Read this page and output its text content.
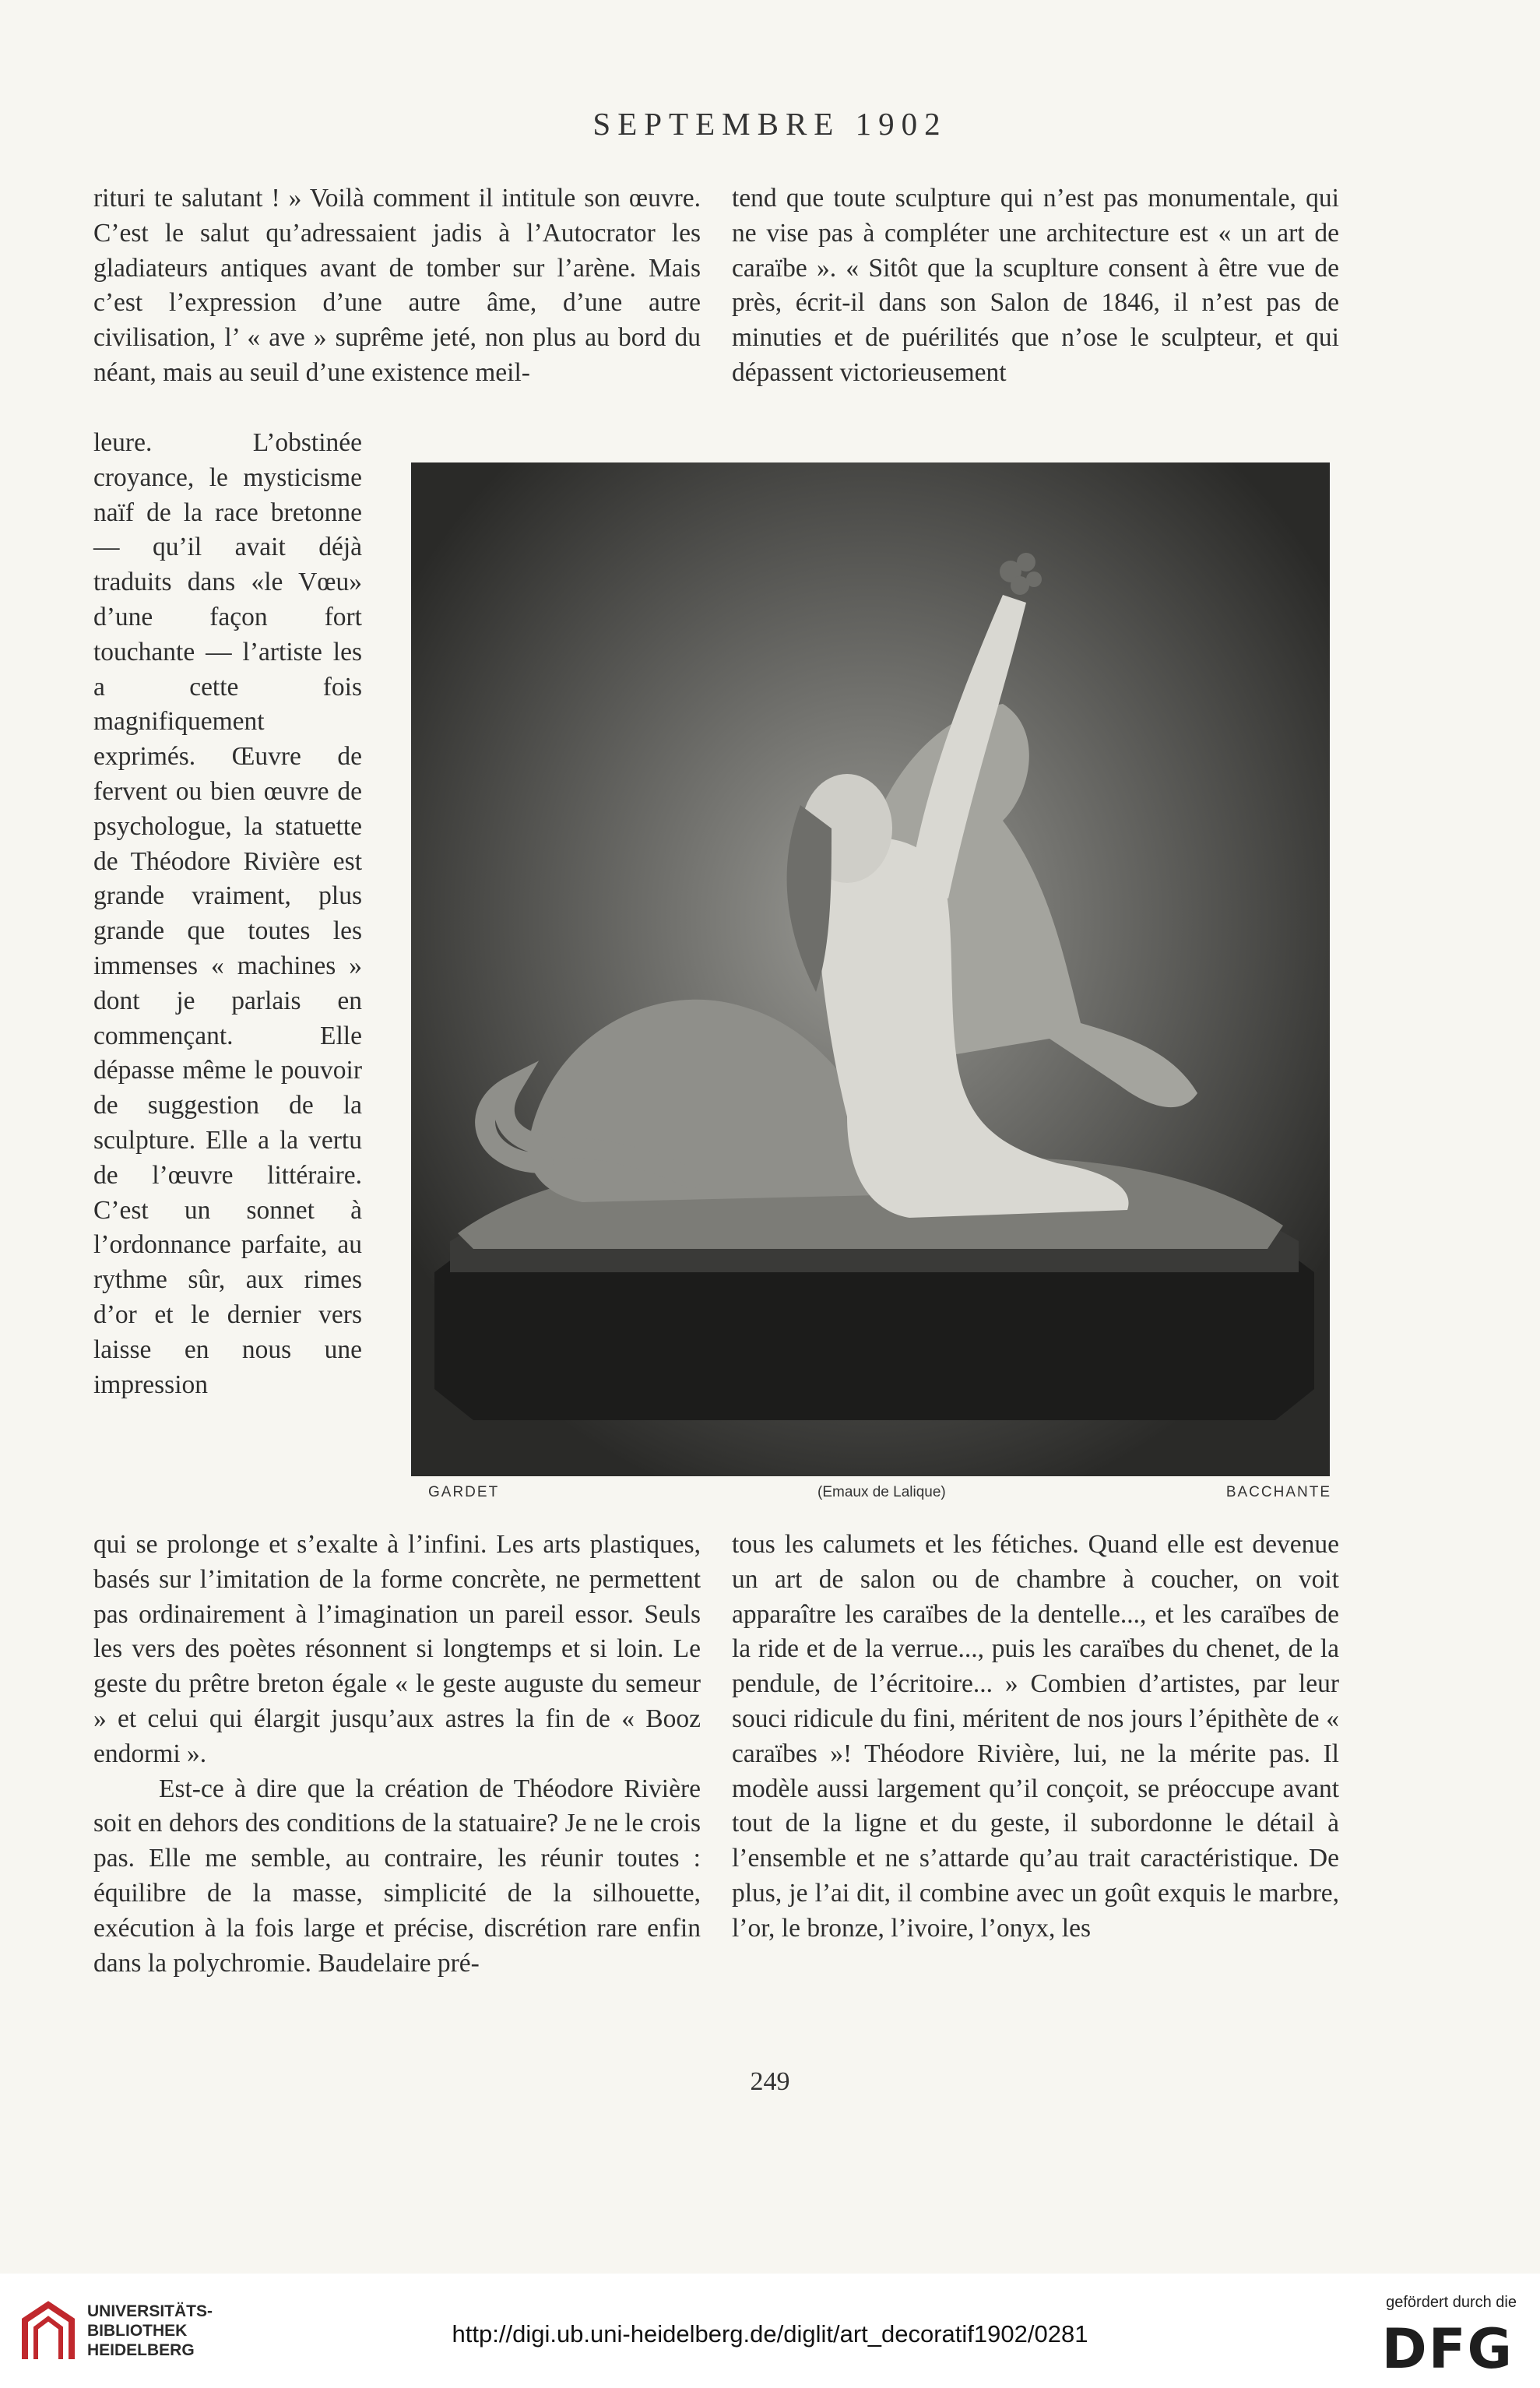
SEPTEMBRE 1902

rituri te salutant ! » Voilà comment il intitule son œuvre. C’est le salut qu’adressaient jadis à l’Autocrator les gladiateurs antiques avant de tomber sur l’arène. Mais c’est l’expression d’une autre âme, d’une autre civilisation, l’ « ave » suprême jeté, non plus au bord du néant, mais au seuil d’une existence meil-

tend que toute sculpture qui n’est pas monumentale, qui ne vise pas à compléter une architecture est « un art de caraïbe ». « Sitôt que la scuplture consent à être vue de près, écrit-il dans son Salon de 1846, il n’est pas de minuties et de puérilités que n’ose le sculpteur, et qui dépassent victorieusement

leure. L’obstinée croyance, le mysticisme naïf de la race bretonne — qu’il avait déjà traduits dans «le Vœu» d’une façon fort touchante — l’artiste les a cette fois magnifiquement exprimés. Œuvre de fervent ou bien œuvre de psychologue, la statuette de Théodore Rivière est grande vraiment, plus grande que toutes les immenses « machines » dont je parlais en commençant. Elle dépasse même le pouvoir de suggestion de la sculpture. Elle a la vertu de l’œuvre littéraire. C’est un sonnet à l’ordonnance parfaite, au rythme sûr, aux rimes d’or et le dernier vers laisse en nous une impression

GARDET	(Emaux de Lalique)	BACCHANTE

qui se prolonge et s’exalte à l’infini. Les arts plastiques, basés sur l’imitation de la forme concrète, ne permettent pas ordinairement à l’imagination un pareil essor. Seuls les vers des poètes résonnent si longtemps et si loin. Le geste du prêtre breton égale « le geste auguste du semeur » et celui qui élargit jusqu’aux astres la fin de « Booz endormi ».

Est-ce à dire que la création de Théodore Rivière soit en dehors des conditions de la statuaire? Je ne le crois pas. Elle me semble, au contraire, les réunir toutes : équilibre de la masse, simplicité de la silhouette, exécution à la fois large et précise, discrétion rare enfin dans la polychromie. Baudelaire pré-

tous les calumets et les fétiches. Quand elle est devenue un art de salon ou de chambre à coucher, on voit apparaître les caraïbes de la dentelle..., et les caraïbes de la ride et de la verrue..., puis les caraïbes du chenet, de la pendule, de l’écritoire... » Combien d’artistes, par leur souci ridicule du fini, méritent de nos jours l’épithète de « caraïbes »! Théodore Rivière, lui, ne la mérite pas. Il modèle aussi largement qu’il conçoit, se préoccupe avant tout de la ligne et du geste, il subordonne le détail à l’ensemble et ne s’attarde qu’au trait caractéristique. De plus, je l’ai dit, il combine avec un goût exquis le marbre, l’or, le bronze, l’ivoire, l’onyx, les

249
UNIVERSITÄTS-
BIBLIOTHEK
HEIDELBERG
http://digi.ub.uni-heidelberg.de/diglit/art_decoratif1902/0281
gefördert durch die
DFG
